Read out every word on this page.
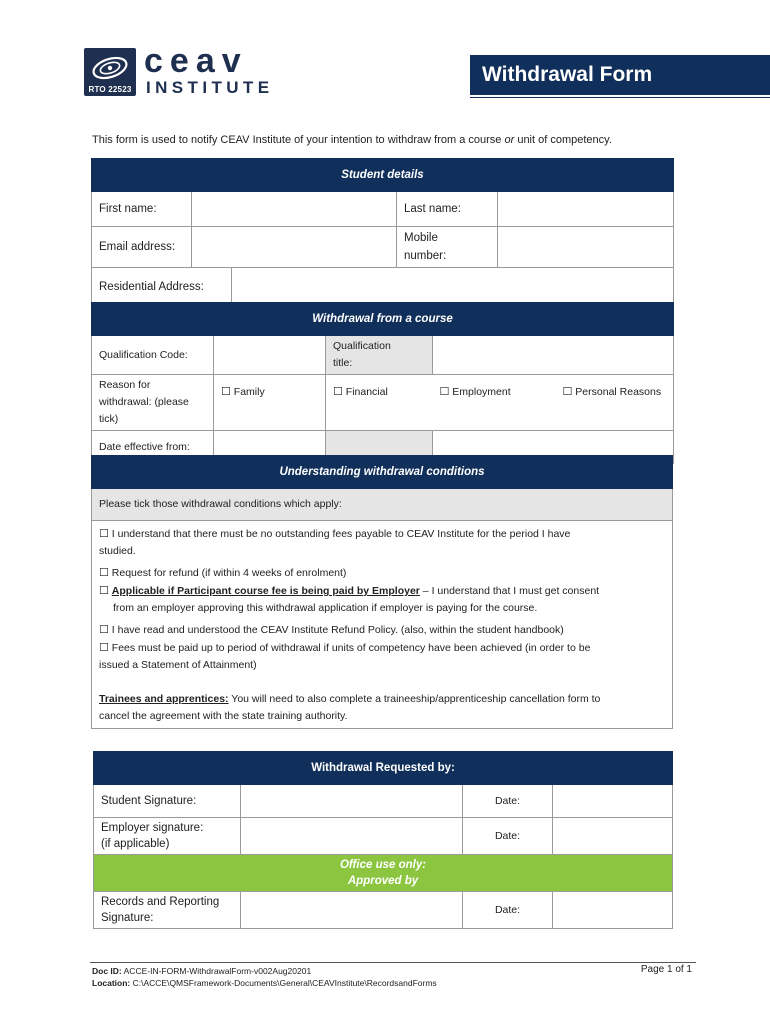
RTO 22523
ceav
INSTITUTE
Withdrawal Form
This form is used to notify CEAV Institute of your intention to withdraw from a course or unit of competency.
Student details				
First name:			Last name:	
Email address:			Mobile
number:	
Residential Address:				
Withdrawal from a course				
Qualification Code:		Qualification
title:		
Reason for
withdrawal: (please
tick)	☐ Family	☐ Financial	☐ Employment	☐ Personal Reasons
Date effective from:				
Understanding withdrawal conditions
Please tick those withdrawal conditions which apply:

☐ I understand that there must be no outstanding fees payable to CEAV Institute for the period I have
studied.

☐ Request for refund (if within 4 weeks of enrolment)

☐ Applicable if Participant course fee is being paid by Employer – I understand that I must get consent
from an employer approving this withdrawal application if employer is paying for the course.

☐ I have read and understood the CEAV Institute Refund Policy. (also, within the student handbook)

☐ Fees must be paid up to period of withdrawal if units of competency have been achieved (in order to be
issued a Statement of Attainment)

Trainees and apprentices: You will need to also complete a traineeship/apprenticeship cancellation form to
cancel the agreement with the state training authority.

Withdrawal Requested by:			
Student Signature:		Date:	
Employer signature:
(if applicable)		Date:	
Office use only:
Approved by			
Records and Reporting
Signature:		Date:	
Doc ID: ACCE-IN-FORM-WithdrawalForm-v002Aug20201
Location: C:\ACCE\QMSFramework-Documents\General\CEAVInstitute\RecordsandForms
Page 1 of 1
